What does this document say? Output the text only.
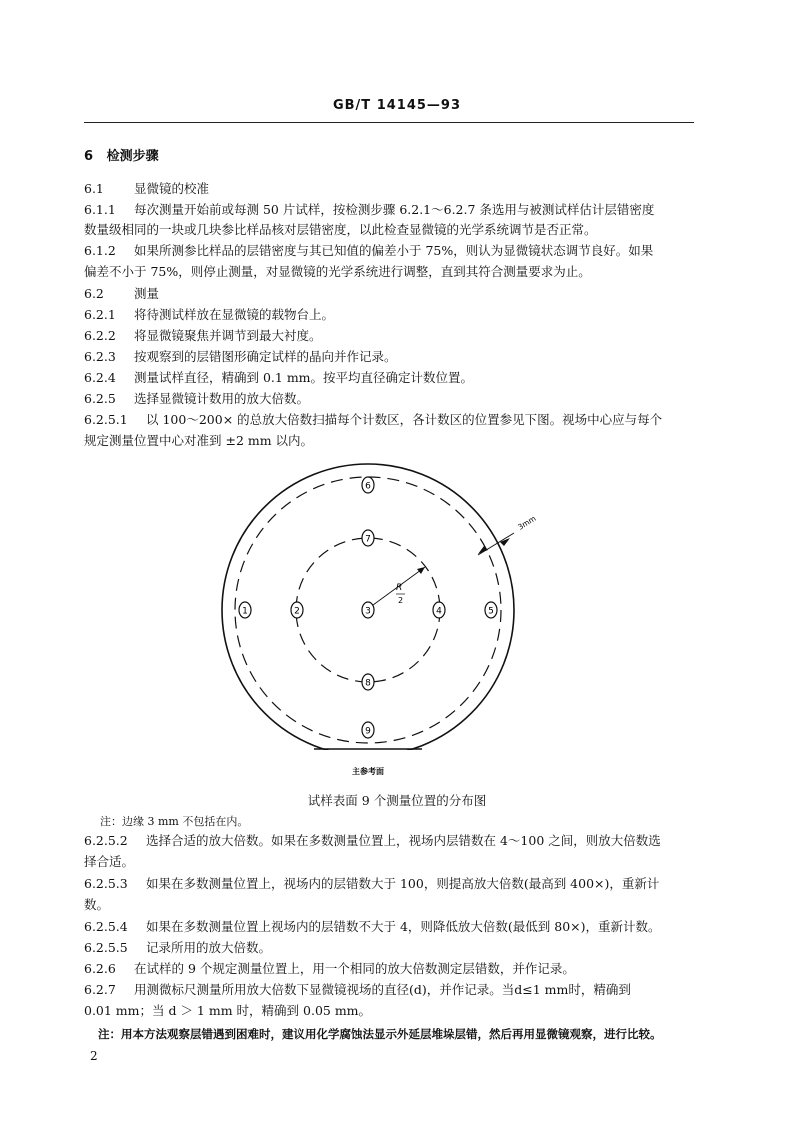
GB/T 14145—93
6 检测步骤
6.1 显微镜的校准
6.1.1 每次测量开始前或每测 50 片试样，按检测步骤 6.2.1～6.2.7 条选用与被测试样估计层错密度
数量级相同的一块或几块参比样品核对层错密度，以此检查显微镜的光学系统调节是否正常。
6.1.2 如果所测参比样品的层错密度与其已知值的偏差小于 75%，则认为显微镜状态调节良好。如果
偏差不小于 75%，则停止测量，对显微镜的光学系统进行调整，直到其符合测量要求为止。
6.2 测量
6.2.1 将待测试样放在显微镜的载物台上。
6.2.2 将显微镜聚焦并调节到最大衬度。
6.2.3 按观察到的层错图形确定试样的晶向并作记录。
6.2.4 测量试样直径，精确到 0.1 mm。按平均直径确定计数位置。
6.2.5 选择显微镜计数用的放大倍数。
6.2.5.1 以 100～200× 的总放大倍数扫描每个计数区，各计数区的位置参见下图。视场中心应与每个
规定测量位置中心对准到 ±2 mm 以内。
R
2
3mm
6
7
1	2	3	4	5
8
9
主参考面
试样表面 9 个测量位置的分布图
注：边缘 3 mm 不包括在内。
6.2.5.2 选择合适的放大倍数。如果在多数测量位置上，视场内层错数在 4～100 之间，则放大倍数选
择合适。
6.2.5.3 如果在多数测量位置上，视场内的层错数大于 100，则提高放大倍数(最高到 400×)，重新计
数。
6.2.5.4 如果在多数测量位置上视场内的层错数不大于 4，则降低放大倍数(最低到 80×)，重新计数。
6.2.5.5 记录所用的放大倍数。
6.2.6 在试样的 9 个规定测量位置上，用一个相同的放大倍数测定层错数，并作记录。
6.2.7 用测微标尺测量所用放大倍数下显微镜视场的直径(d)，并作记录。当d≤1 mm时，精确到
0.01 mm；当 d ＞ 1 mm 时，精确到 0.05 mm。
注：用本方法观察层错遇到困难时，建议用化学腐蚀法显示外延层堆垛层错，然后再用显微镜观察，进行比较。
2
